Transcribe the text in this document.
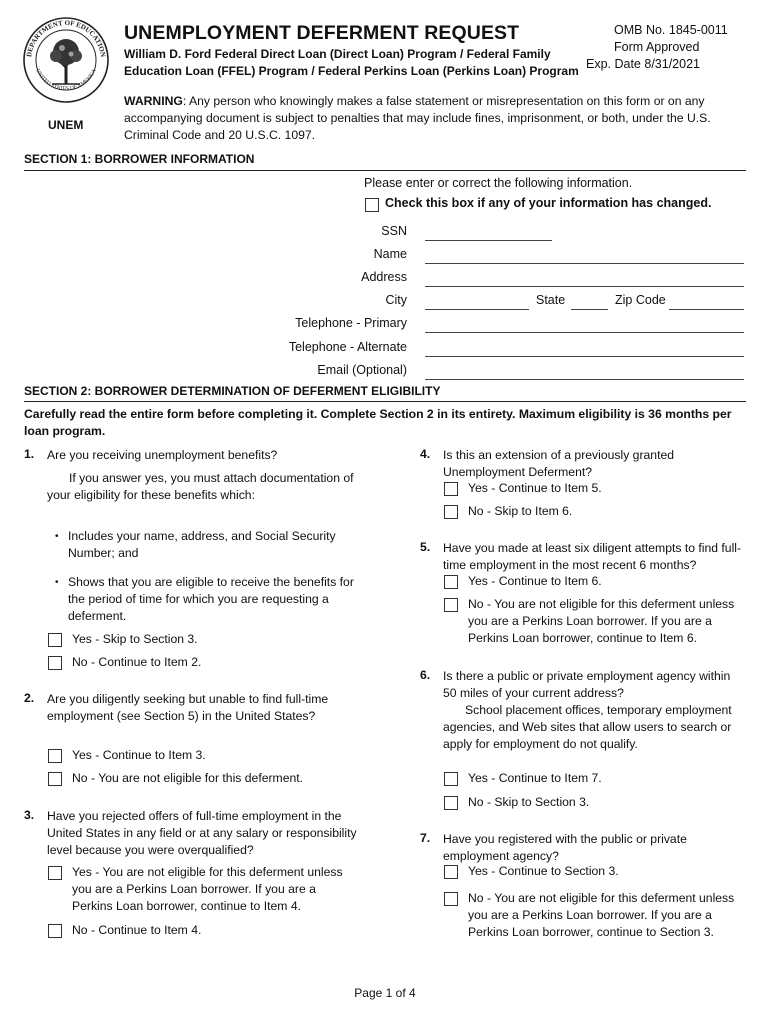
DEPARTMENT OF EDUCATION
UNITED STATES OF AMERICA
UNEM
UNEMPLOYMENT DEFERMENT REQUEST
William D. Ford Federal Direct Loan (Direct Loan) Program / Federal Family Education Loan (FFEL) Program / Federal Perkins Loan (Perkins Loan) Program
OMB No. 1845-0011
Form Approved
Exp. Date 8/31/2021
WARNING: Any person who knowingly makes a false statement or misrepresentation on this form or on any accompanying document is subject to penalties that may include fines, imprisonment, or both, under the U.S. Criminal Code and 20 U.S.C. 1097.
SECTION 1: BORROWER INFORMATION
Please enter or correct the following information.
Check this box if any of your information has changed.
SSN
Name
Address
City	State	Zip Code
Telephone - Primary
Telephone - Alternate
Email (Optional)
SECTION 2: BORROWER DETERMINATION OF DEFERMENT ELIGIBILITY
Carefully read the entire form before completing it. Complete Section 2 in its entirety. Maximum eligibility is 36 months per loan program.
1. Are you receiving unemployment benefits?
If you answer yes, you must attach documentation of your eligibility for these benefits which:
• Includes your name, address, and Social Security Number; and
• Shows that you are eligible to receive the benefits for the period of time for which you are requesting a deferment.
Yes - Skip to Section 3.
No - Continue to Item 2.
2. Are you diligently seeking but unable to find full-time employment (see Section 5) in the United States?
Yes - Continue to Item 3.
No - You are not eligible for this deferment.
3. Have you rejected offers of full-time employment in the United States in any field or at any salary or responsibility level because you were overqualified?
Yes - You are not eligible for this deferment unless you are a Perkins Loan borrower. If you are a Perkins Loan borrower, continue to Item 4.
No - Continue to Item 4.
4. Is this an extension of a previously granted Unemployment Deferment?
Yes - Continue to Item 5.
No - Skip to Item 6.
5. Have you made at least six diligent attempts to find full-time employment in the most recent 6 months?
Yes - Continue to Item 6.
No - You are not eligible for this deferment unless you are a Perkins Loan borrower. If you are a Perkins Loan borrower, continue to Item 6.
6. Is there a public or private employment agency within 50 miles of your current address?
School placement offices, temporary employment agencies, and Web sites that allow users to search or apply for employment do not qualify.
Yes - Continue to Item 7.
No - Skip to Section 3.
7. Have you registered with the public or private employment agency?
Yes - Continue to Section 3.
No - You are not eligible for this deferment unless you are a Perkins Loan borrower. If you are a Perkins Loan borrower, continue to Section 3.
Page 1 of 4
